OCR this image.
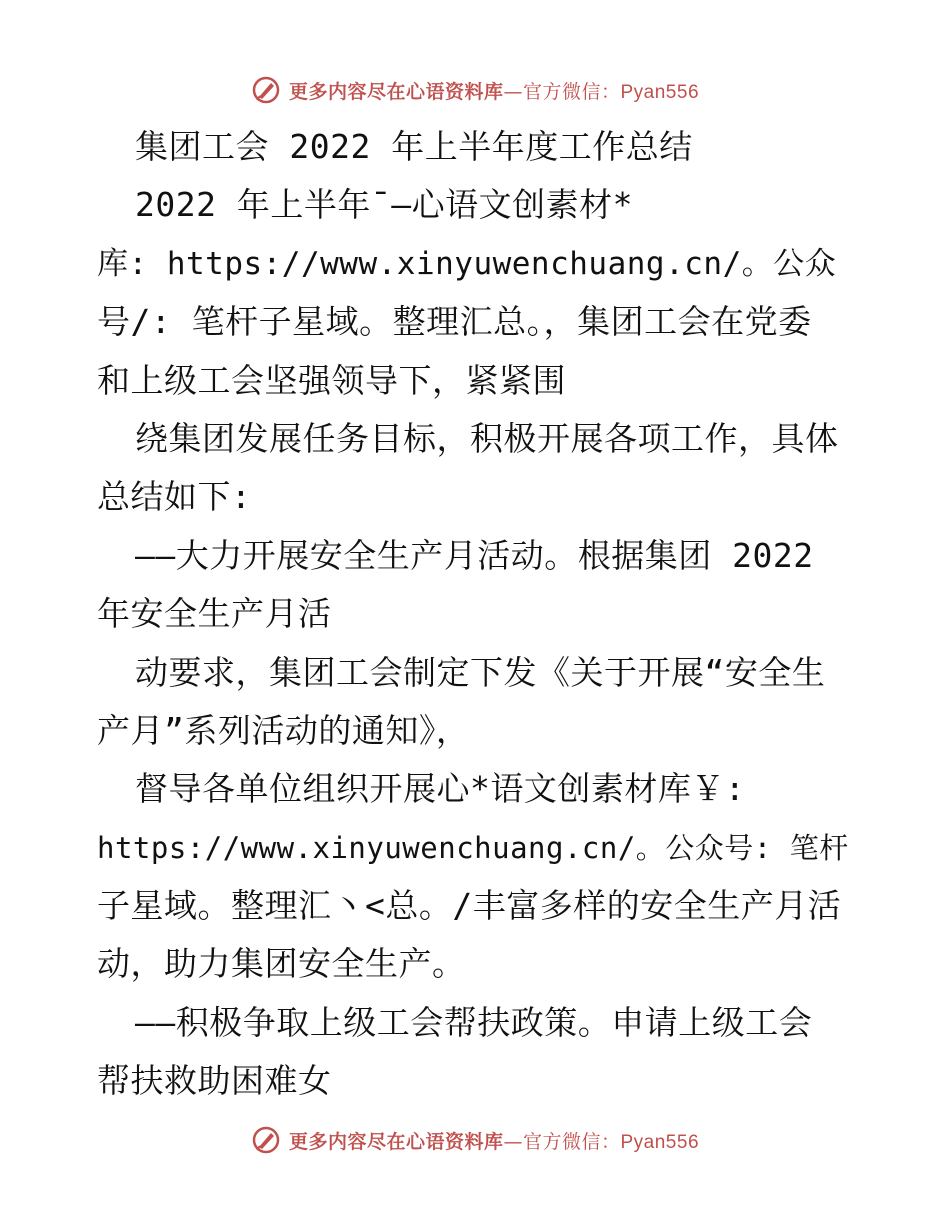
更多内容尽在心语资料库—官方微信：Pyan556
集团工会 2022 年上半年度工作总结
2022 年上半年¯—心语文创素材*
库: https://www.xinyuwenchuang.cn/。公众
号/: 笔杆子星域。整理汇总。，集团工会在党委
和上级工会坚强领导下，紧紧围
绕集团发展任务目标，积极开展各项工作，具体
总结如下:
——大力开展安全生产月活动。根据集团 2022
年安全生产月活
动要求，集团工会制定下发《关于开展“安全生
产月”系列活动的通知》，
督导各单位组织开展心*语文创素材库￥:
https://www.xinyuwenchuang.cn/。公众号: 笔杆
子星域。整理汇丶<总。/丰富多样的安全生产月活
动，助力集团安全生产。
——积极争取上级工会帮扶政策。申请上级工会
帮扶救助困难女
更多内容尽在心语资料库—官方微信：Pyan556
